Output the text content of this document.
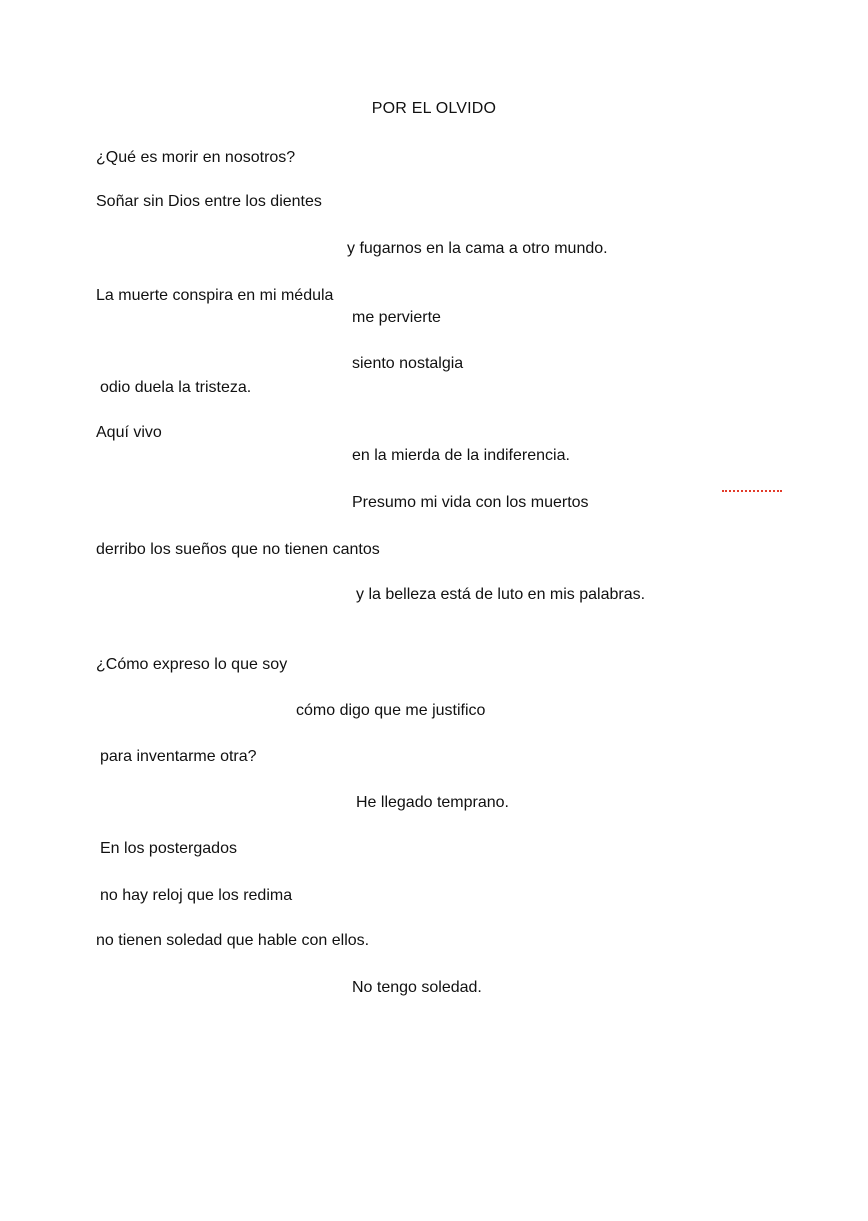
POR EL OLVIDO
¿Qué es morir en nosotros?
Soñar sin Dios entre los dientes
y fugarnos en la cama a otro mundo.
La muerte conspira en mi médula
me pervierte
siento nostalgia
odio duela la tristeza.
Aquí vivo
en la mierda de la indiferencia.
Presumo mi vida con los muertos
derribo los sueños que no tienen cantos
y la belleza está de luto en mis palabras.
¿Cómo expreso lo que soy
cómo digo que me justifico
para inventarme otra?
He llegado temprano.
En los postergados
no hay reloj que los redima
no tienen soledad que hable con ellos.
No tengo soledad.
